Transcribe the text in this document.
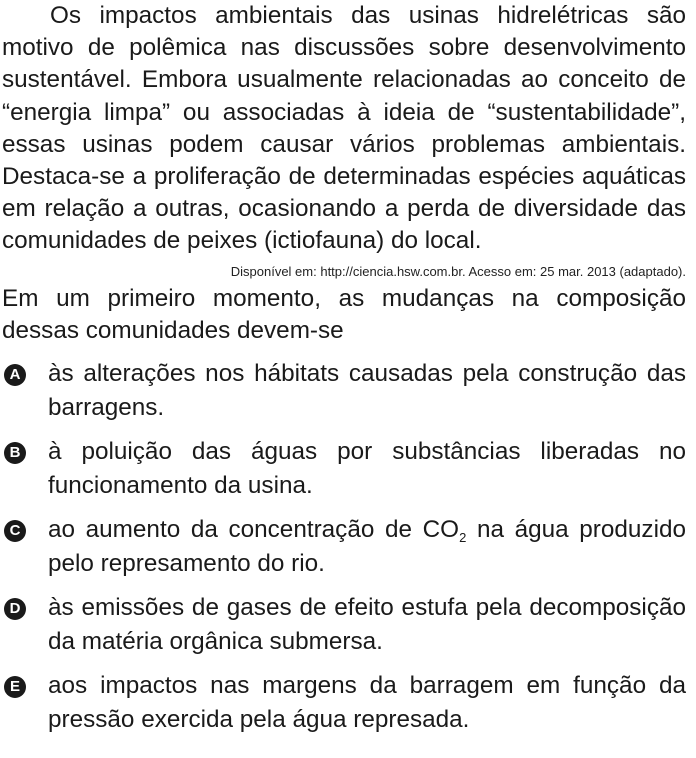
Os impactos ambientais das usinas hidrelétricas são motivo de polêmica nas discussões sobre desenvolvimento sustentável. Embora usualmente relacionadas ao conceito de “energia limpa” ou associadas à ideia de “sustentabilidade”, essas usinas podem causar vários problemas ambientais. Destaca-se a proliferação de determinadas espécies aquáticas em relação a outras, ocasionando a perda de diversidade das comunidades de peixes (ictiofauna) do local.

Disponível em: http://ciencia.hsw.com.br. Acesso em: 25 mar. 2013 (adaptado).

Em um primeiro momento, as mudanças na composição dessas comunidades devem-se

A às alterações nos hábitats causadas pela construção das barragens.
B à poluição das águas por substâncias liberadas no funcionamento da usina.
C ao aumento da concentração de $CO_2$ na água produzido pelo represamento do rio.
D às emissões de gases de efeito estufa pela decomposição da matéria orgânica submersa.
E aos impactos nas margens da barragem em função da pressão exercida pela água represada.
